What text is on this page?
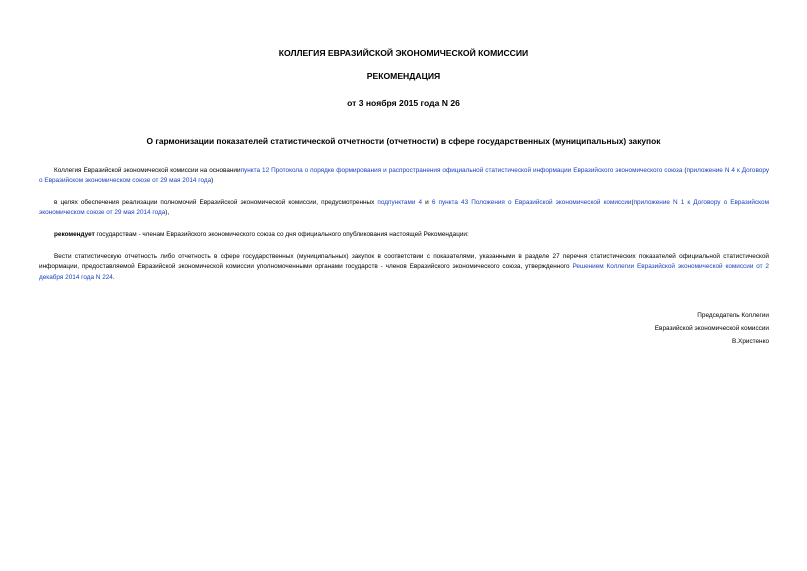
КОЛЛЕГИЯ ЕВРАЗИЙСКОЙ ЭКОНОМИЧЕСКОЙ КОМИССИИ
РЕКОМЕНДАЦИЯ
от 3 ноября 2015 года N 26
О гармонизации показателей статистической отчетности (отчетности) в сфере государственных (муниципальных) закупок
Коллегия Евразийской экономической комиссии на основаниипункта 12 Протокола о порядке формирования и распространения официальной статистической информации Евразийского экономического союза (приложение N 4 к Договору о Евразийском экономическом союзе от 29 мая 2014 года)
в целях обеспечения реализации полномочий Евразийской экономической комиссии, предусмотренных подпунктами 4 и 6 пункта 43 Положения о Евразийской экономической комиссии(приложение N 1 к Договору о Евразийском экономическом союзе от 29 мая 2014 года),
рекомендует государствам - членам Евразийского экономического союза со дня официального опубликования настоящей Рекомендации:
Вести статистическую отчетность либо отчетность в сфере государственных (муниципальных) закупок в соответствии с показателями, указанными в разделе 27 перечня статистических показателей официальной статистической информации, предоставляемой Евразийской экономической комиссии уполномоченными органами государств - членов Евразийского экономического союза, утвержденного Решением Коллегии Евразийской экономической комиссии от 2 декабря 2014 года N 224.
Председатель Коллегии
Евразийской экономической комиссии
В.Христенко
